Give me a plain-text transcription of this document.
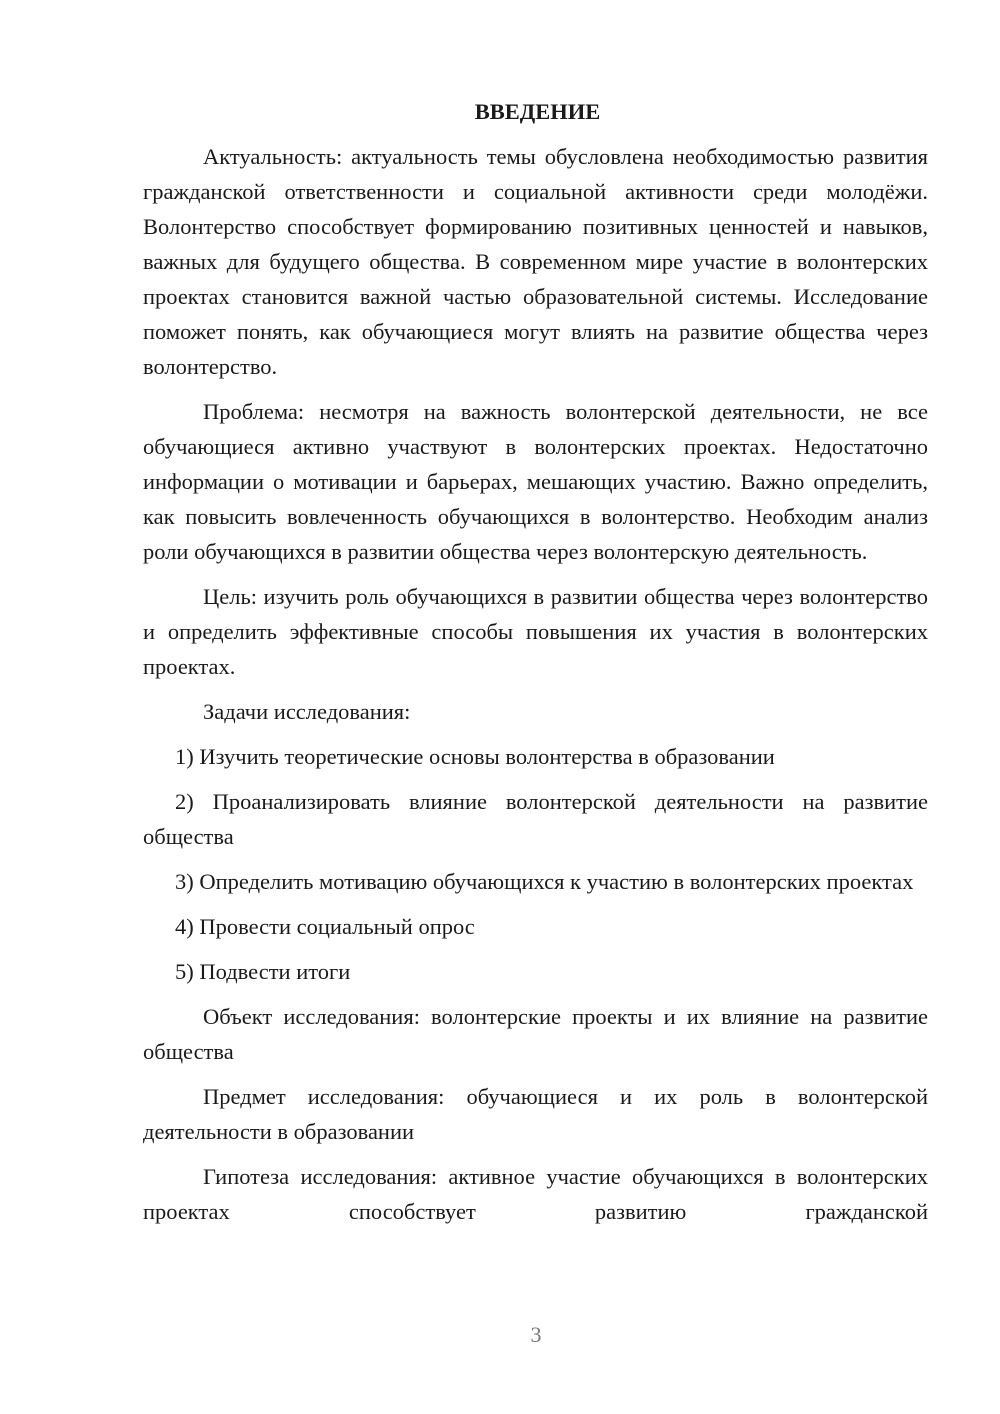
ВВЕДЕНИЕ

Актуальность: актуальность темы обусловлена необходимостью развития гражданской ответственности и социальной активности среди молодёжи. Волонтерство способствует формированию позитивных ценностей и навыков, важных для будущего общества. В современном мире участие в волонтерских проектах становится важной частью образовательной системы. Исследование поможет понять, как обучающиеся могут влиять на развитие общества через волонтерство.

Проблема: несмотря на важность волонтерской деятельности, не все обучающиеся активно участвуют в волонтерских проектах. Недостаточно информации о мотивации и барьерах, мешающих участию. Важно определить, как повысить вовлеченность обучающихся в волонтерство. Необходим анализ роли обучающихся в развитии общества через волонтерскую деятельность.

Цель: изучить роль обучающихся в развитии общества через волонтерство и определить эффективные способы повышения их участия в волонтерских проектах.

Задачи исследования:

1) Изучить теоретические основы волонтерства в образовании

2) Проанализировать влияние волонтерской деятельности на развитие общества

3) Определить мотивацию обучающихся к участию в волонтерских проектах

4) Провести социальный опрос

5) Подвести итоги

Объект исследования: волонтерские проекты и их влияние на развитие общества

Предмет исследования: обучающиеся и их роль в волонтерской деятельности в образовании

Гипотеза исследования: активное участие обучающихся в волонтерских проектах способствует развитию гражданской

3
